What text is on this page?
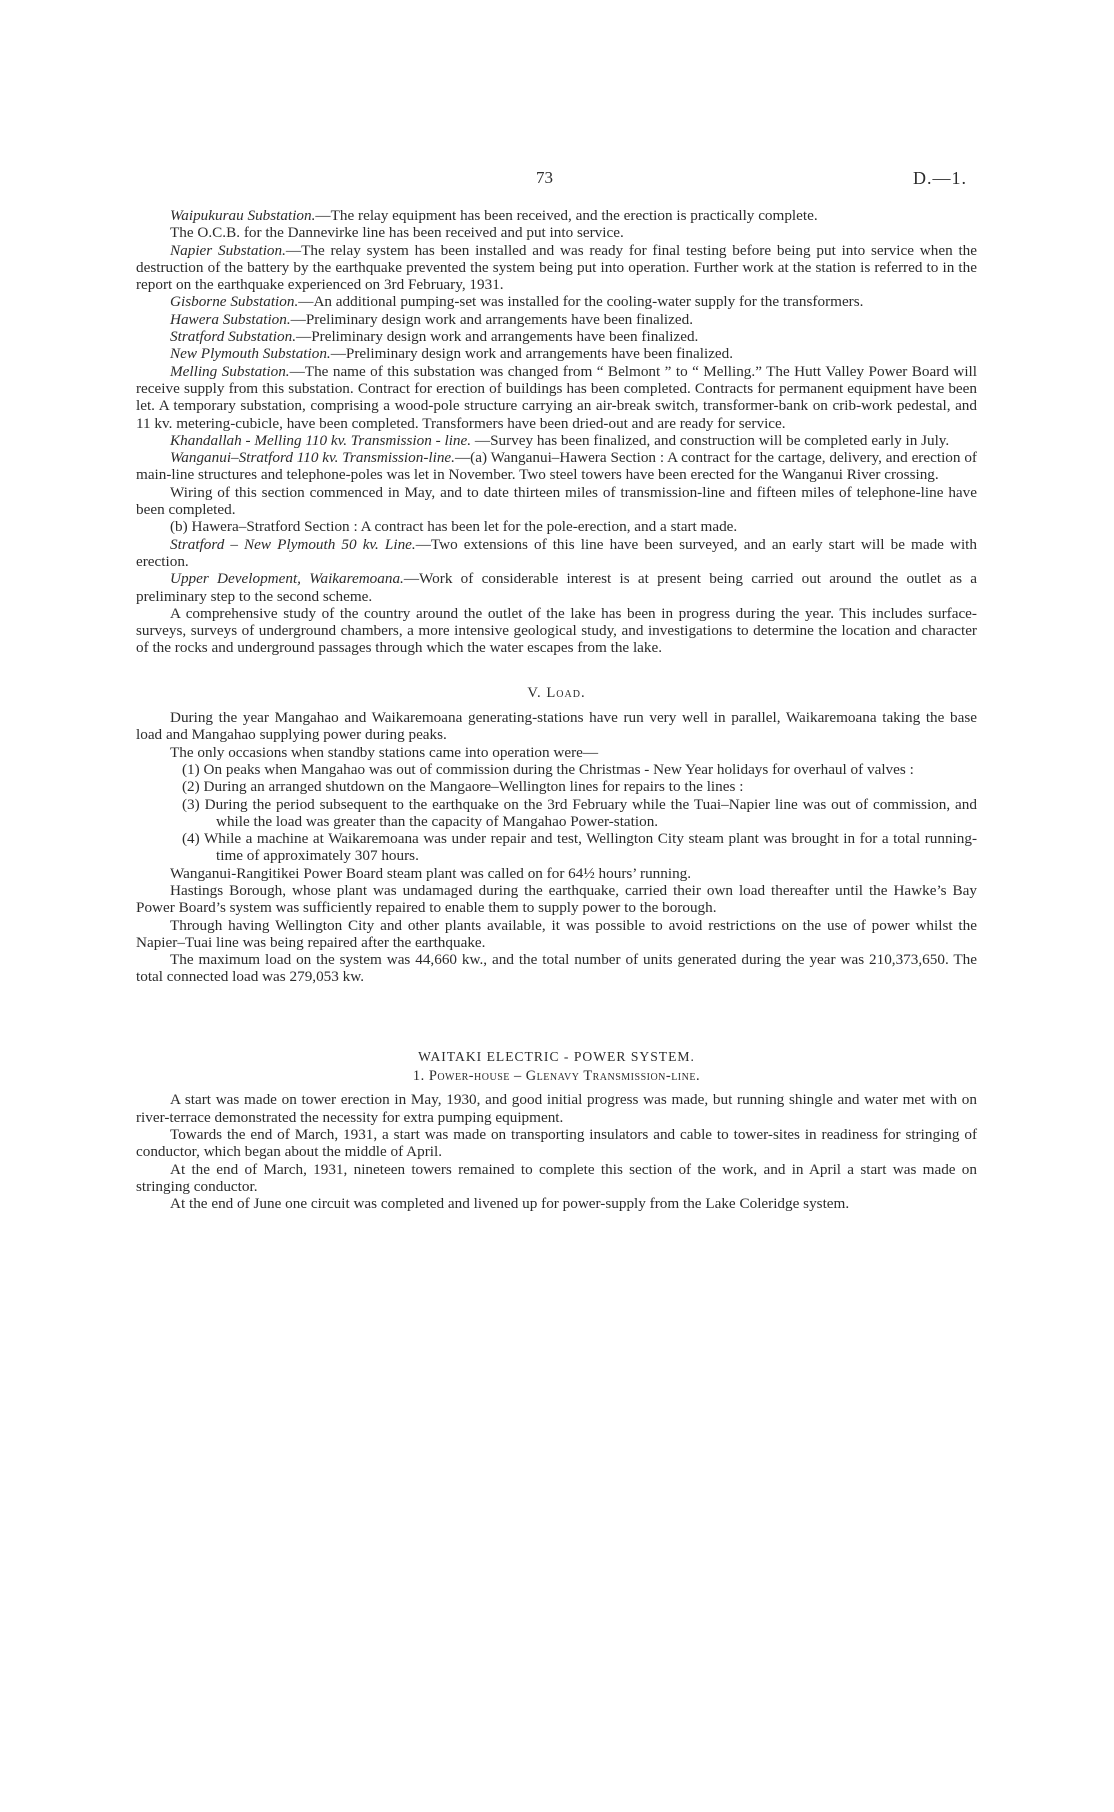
73	D.—1.

Waipukurau Substation.—The relay equipment has been received, and the erection is practically complete.

The O.C.B. for the Dannevirke line has been received and put into service.

Napier Substation.—The relay system has been installed and was ready for final testing before being put into service when the destruction of the battery by the earthquake prevented the system being put into operation. Further work at the station is referred to in the report on the earthquake experienced on 3rd February, 1931.

Gisborne Substation.—An additional pumping-set was installed for the cooling-water supply for the transformers.

Hawera Substation.—Preliminary design work and arrangements have been finalized.

Stratford Substation.—Preliminary design work and arrangements have been finalized.

New Plymouth Substation.—Preliminary design work and arrangements have been finalized.

Melling Substation.—The name of this substation was changed from “ Belmont ” to “ Melling.” The Hutt Valley Power Board will receive supply from this substation. Contract for erection of buildings has been completed. Contracts for permanent equipment have been let. A temporary substation, comprising a wood-pole structure carrying an air-break switch, transformer-bank on crib-work pedestal, and 11 kv. metering-cubicle, have been completed. Transformers have been dried-out and are ready for service.

Khandallah - Melling 110 kv. Transmission - line. —Survey has been finalized, and construction will be completed early in July.

Wanganui–Stratford 110 kv. Transmission-line.—(a) Wanganui–Hawera Section : A contract for the cartage, delivery, and erection of main-line structures and telephone-poles was let in November. Two steel towers have been erected for the Wanganui River crossing.

Wiring of this section commenced in May, and to date thirteen miles of transmission-line and fifteen miles of telephone-line have been completed.

(b) Hawera–Stratford Section : A contract has been let for the pole-erection, and a start made.

Stratford – New Plymouth 50 kv. Line.—Two extensions of this line have been surveyed, and an early start will be made with erection.

Upper Development, Waikaremoana.—Work of considerable interest is at present being carried out around the outlet as a preliminary step to the second scheme.

A comprehensive study of the country around the outlet of the lake has been in progress during the year. This includes surface-surveys, surveys of underground chambers, a more intensive geological study, and investigations to determine the location and character of the rocks and underground passages through which the water escapes from the lake.

V. Load.

During the year Mangahao and Waikaremoana generating-stations have run very well in parallel, Waikaremoana taking the base load and Mangahao supplying power during peaks.

The only occasions when standby stations came into operation were—

(1) On peaks when Mangahao was out of commission during the Christmas - New Year holidays for overhaul of valves :

(2) During an arranged shutdown on the Mangaore–Wellington lines for repairs to the lines :

(3) During the period subsequent to the earthquake on the 3rd February while the Tuai–Napier line was out of commission, and while the load was greater than the capacity of Mangahao Power-station.

(4) While a machine at Waikaremoana was under repair and test, Wellington City steam plant was brought in for a total running-time of approximately 307 hours.

Wanganui-Rangitikei Power Board steam plant was called on for 64½ hours’ running.

Hastings Borough, whose plant was undamaged during the earthquake, carried their own load thereafter until the Hawke’s Bay Power Board’s system was sufficiently repaired to enable them to supply power to the borough.

Through having Wellington City and other plants available, it was possible to avoid restrictions on the use of power whilst the Napier–Tuai line was being repaired after the earthquake.

The maximum load on the system was 44,660 kw., and the total number of units generated during the year was 210,373,650. The total connected load was 279,053 kw.

WAITAKI ELECTRIC - POWER SYSTEM.
1. Power-house – Glenavy Transmission-line.

A start was made on tower erection in May, 1930, and good initial progress was made, but running shingle and water met with on river-terrace demonstrated the necessity for extra pumping equipment.

Towards the end of March, 1931, a start was made on transporting insulators and cable to tower-sites in readiness for stringing of conductor, which began about the middle of April.

At the end of March, 1931, nineteen towers remained to complete this section of the work, and in April a start was made on stringing conductor.

At the end of June one circuit was completed and livened up for power-supply from the Lake Coleridge system.
